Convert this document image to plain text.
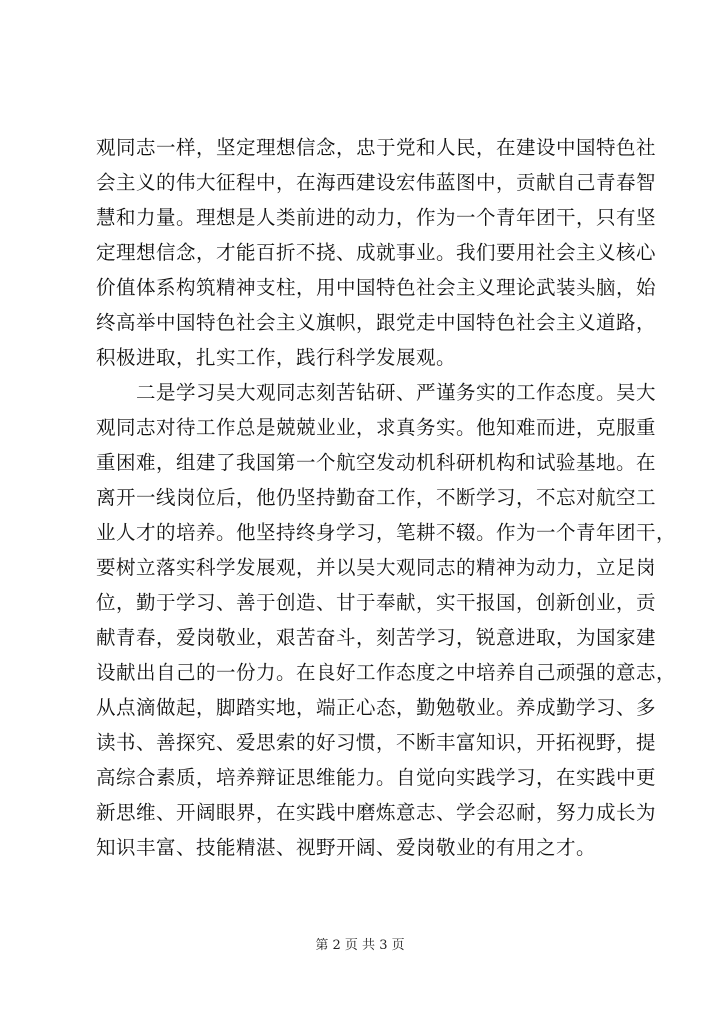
观同志一样，坚定理想信念，忠于党和人民，在建设中国特色社
会主义的伟大征程中，在海西建设宏伟蓝图中，贡献自己青春智
慧和力量。理想是人类前进的动力，作为一个青年团干，只有坚
定理想信念，才能百折不挠、成就事业。我们要用社会主义核心
价值体系构筑精神支柱，用中国特色社会主义理论武装头脑，始
终高举中国特色社会主义旗帜，跟党走中国特色社会主义道路，
积极进取，扎实工作，践行科学发展观。
二是学习吴大观同志刻苦钻研、严谨务实的工作态度。吴大
观同志对待工作总是兢兢业业，求真务实。他知难而进，克服重
重困难，组建了我国第一个航空发动机科研机构和试验基地。在
离开一线岗位后，他仍坚持勤奋工作，不断学习，不忘对航空工
业人才的培养。他坚持终身学习，笔耕不辍。作为一个青年团干，
要树立落实科学发展观，并以吴大观同志的精神为动力，立足岗
位，勤于学习、善于创造、甘于奉献，实干报国，创新创业，贡
献青春，爱岗敬业，艰苦奋斗，刻苦学习，锐意进取，为国家建
设献出自己的一份力。在良好工作态度之中培养自己顽强的意志，
从点滴做起，脚踏实地，端正心态，勤勉敬业。养成勤学习、多
读书、善探究、爱思索的好习惯，不断丰富知识，开拓视野，提
高综合素质，培养辩证思维能力。自觉向实践学习，在实践中更
新思维、开阔眼界，在实践中磨炼意志、学会忍耐，努力成长为
知识丰富、技能精湛、视野开阔、爱岗敬业的有用之才。
第 2 页 共 3 页
